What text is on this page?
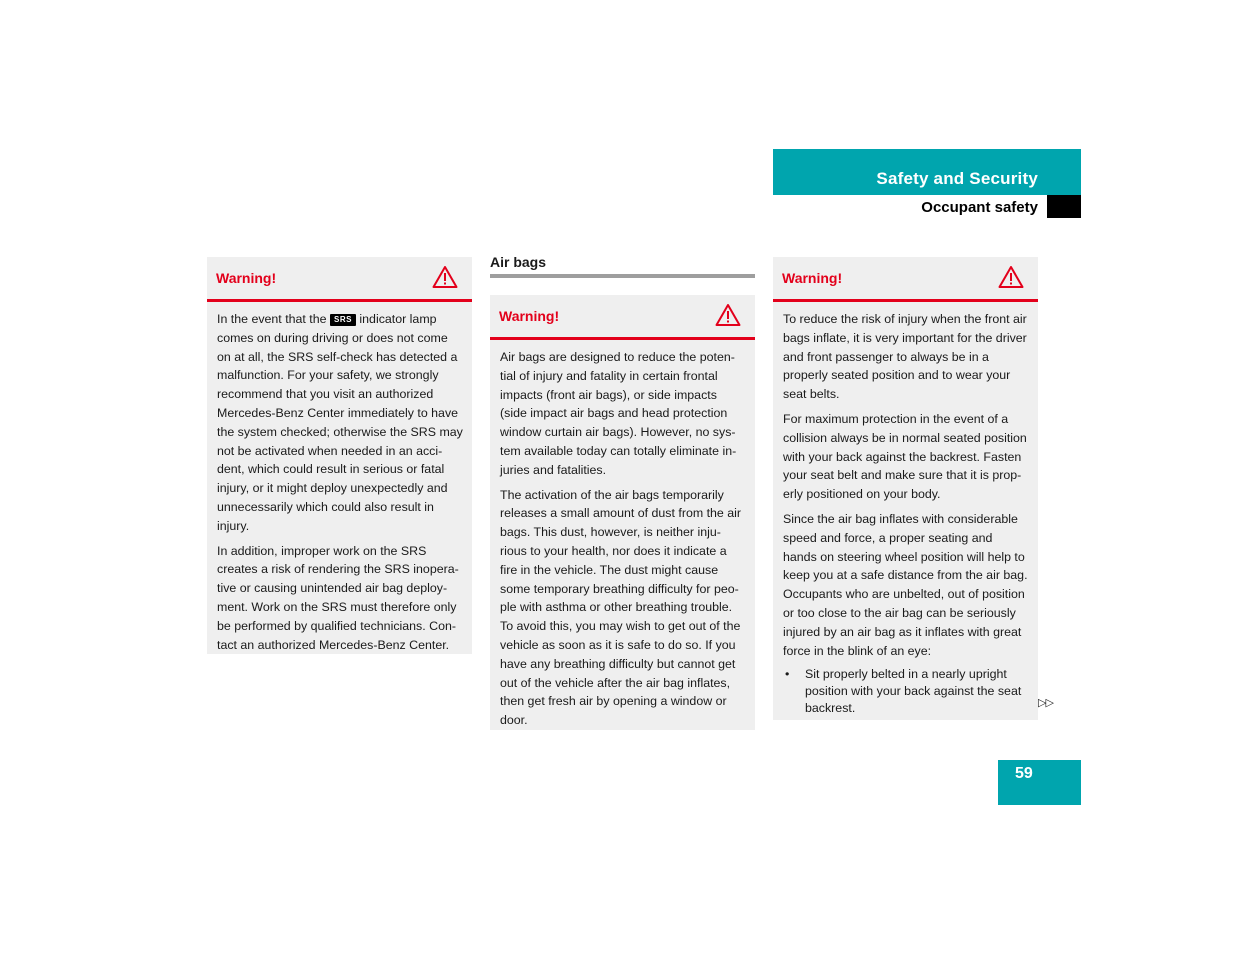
Safety and Security
Occupant safety
Warning!

In the event that the SRS indicator lamp comes on during driving or does not come on at all, the SRS self-check has detected a malfunction. For your safety, we strongly recommend that you visit an authorized Mercedes-Benz Center immediately to have the system checked; otherwise the SRS may not be activated when needed in an acci-dent, which could result in serious or fatal injury, or it might deploy unexpectedly and unnecessarily which could also result in injury.

In addition, improper work on the SRS creates a risk of rendering the SRS inopera-tive or causing unintended air bag deploy-ment. Work on the SRS must therefore only be performed by qualified technicians. Con-tact an authorized Mercedes-Benz Center.

Air bags
Warning!

Air bags are designed to reduce the poten-tial of injury and fatality in certain frontal impacts (front air bags), or side impacts (side impact air bags and head protection window curtain air bags). However, no sys-tem available today can totally eliminate in-juries and fatalities.

The activation of the air bags temporarily releases a small amount of dust from the air bags. This dust, however, is neither inju-rious to your health, nor does it indicate a fire in the vehicle. The dust might cause some temporary breathing difficulty for peo-ple with asthma or other breathing trouble. To avoid this, you may wish to get out of the vehicle as soon as it is safe to do so. If you have any breathing difficulty but cannot get out of the vehicle after the air bag inflates, then get fresh air by opening a window or door.

Warning!

To reduce the risk of injury when the front air bags inflate, it is very important for the driver and front passenger to always be in a properly seated position and to wear your seat belts.

For maximum protection in the event of a collision always be in normal seated position with your back against the backrest. Fasten your seat belt and make sure that it is prop-erly positioned on your body.

Since the air bag inflates with considerable speed and force, a proper seating and hands on steering wheel position will help to keep you at a safe distance from the air bag. Occupants who are unbelted, out of position or too close to the air bag can be seriously injured by an air bag as it inflates with great force in the blink of an eye:

• Sit properly belted in a nearly upright position with your back against the seat backrest.	▷▷
59
